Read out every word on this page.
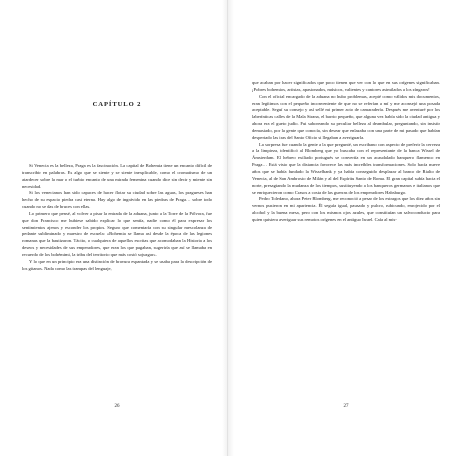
CAPÍTULO 2

Si Venecia es la belleza, Praga es la fascinación. La capital de Bohemia tiene un encanto difícil de transcribir en palabras. Es algo que se siente y se siente inexplicable, como el cromatismo de un atardecer sobre la mar o el turbio encanto de una mirada femenina cuando dice sin decir y miente sin necesidad.

Si los venecianos han sido capaces de hacer flotar su ciudad sobre las aguas, los pragueses han hecho de su espacio piedra casi eterna. Hay algo de ingrávido en las piedras de Praga… sobre todo cuando no se das de bruces con ellas.

Lo primero que pensé, al volver a pisar la entrada de la aduana, junto a la Torre de la Pólvora, fue que don Francisco me hubiese sabido explicar lo que sentía, nadie como él para expresar los sentimientos ajenos y esconder los propios. Seguro que comentaría con su singular mescolanza de pedante subliminado y maestro de escuela: «Bohemia se llama así desde la época de las legiones romanas que la bautizaron. Tácito, o cualquiera de aquellos escritas que acomodaban la Historia a los deseos y necesidades de sus emperadores, que eran los que pagaban, sugeriría que así se llamaba en recuerdo de los bohémimi, la tribu del territorio que más costó sojuzgar».

Y lo que en un principio era una distinción de bravura espantada y se usaba para la descripción de los gitanos. Nada como las trampas del lenguaje,

26

que acaban por hacer significados que poco tienen que ver con lo que en sus orígenes significaban. ¡Pobres bohemios, artistas, apasionados, músicos, valientes y cantores asimilados a los zíngaros!

Con el oficial encargado de la aduana no hubo problemas, acepté como válidos mis documentos, eran legítimos con el pequeño inconveniente de que no se referían a mí y me aconsejó una posada aceptable. Seguí su consejo y así sellé mi primer acto de camaradería. Después me aventuré por los laberínticas calles de la Mala Strana, el barrio pequeño, que alguna vez había sido la ciudad antigua y ahora era el gueto judío. Fui saboreando su peculiar belleza al deambular, preguntando, sin insistir demasiado, por la gente que conocía, sin desear que enlazaba con una parte de mi pasado que habían despertado las iras del Santo Oficio si llegaban a averiguarla.

La sorpresa fue cuando la gente a la que pregunté, un escribano con aspecto de preferir la cerveza a la limpieza, identificó al Blomberg que yo buscaba con el representante de la banca Wissel de Ámsterdam. El hebreo exiliado portugués se convertía en un acaudalado banquero flamenco en Praga… Está visto que la distancia favorece las más increíbles transformaciones. Solo hacía nueve años que se había fundado la Wisselbank y ya había conseguido desplazar al banco de Rialto de Venecia, al de San Ambrosio de Milán y al del Espíritu Santo de Roma. El gran capital subía hacia el norte, presagiando la mudanza de los tiempos, sustituyendo a los banqueros germanos e italianos que se enriquecieron como Crasos a costa de las guerras de los emperadores Habsburgo.

Pedro Toledano, ahora Peter Blomberg, me reconoció a pesar de los estragos que los diez años sin vernos pusieron en mi apariencia. Él seguía igual, pausado y pulcro, rubicundo, enrojecido por el alcohol y la buena mesa, pero con los mismos ojos azules, que constituían un salvoconducto para quien quisiera averiguar sus remotos orígenes en el antiguo Israel. Caía al mis-

27
